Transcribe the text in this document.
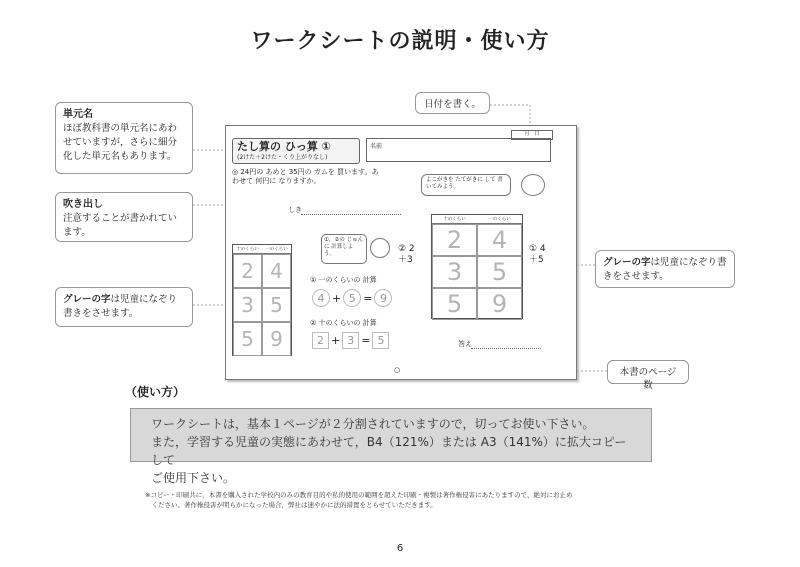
ワークシートの説明・使い方
単元名
ほぼ教科書の単元名にあわせていますが，さらに細分化した単元名もあります。
吹き出し
注意することが書かれています。
グレーの字は児童になぞり書きをさせます。
日付を書く。
グレーの字は児童になぞり書きをさせます。
本書のページ数
たし算の ひっ算 ①
(2けた＋2けた・くり上がりなし)
名前
月　日
◎ 24円の あめと 35円の ガムを 買います。あわせて 何円に なりますか。
しき
①，②の じゅんに 計算しよう。
よこがきを たてがきに して 書いてみよう。
十のくらい	一のくらい
2 4
3 5
5 9
① 一のくらいの 計算
4 + 5 = 9
② 十のくらいの 計算
2 + 3 = 5
② 2＋3
十のくらい	一のくらい
2	4
3	5
5	9
① 4＋5
答え
○
（使い方）
ワークシートは，基本１ページが２分割されていますので，切ってお使い下さい。
また，学習する児童の実態にあわせて，B4（121%）または A3（141%）に拡大コピーして
ご使用下さい。
※コピー・印刷共に，本書を購入された学校内のみの教育目的や私的使用の範囲を超えた印刷・複製は著作権侵害にあたりますので，絶対にお止め
　ください。著作権侵害が明らかになった場合，弊社は速やかに法的措置をとらせていただきます。
6
